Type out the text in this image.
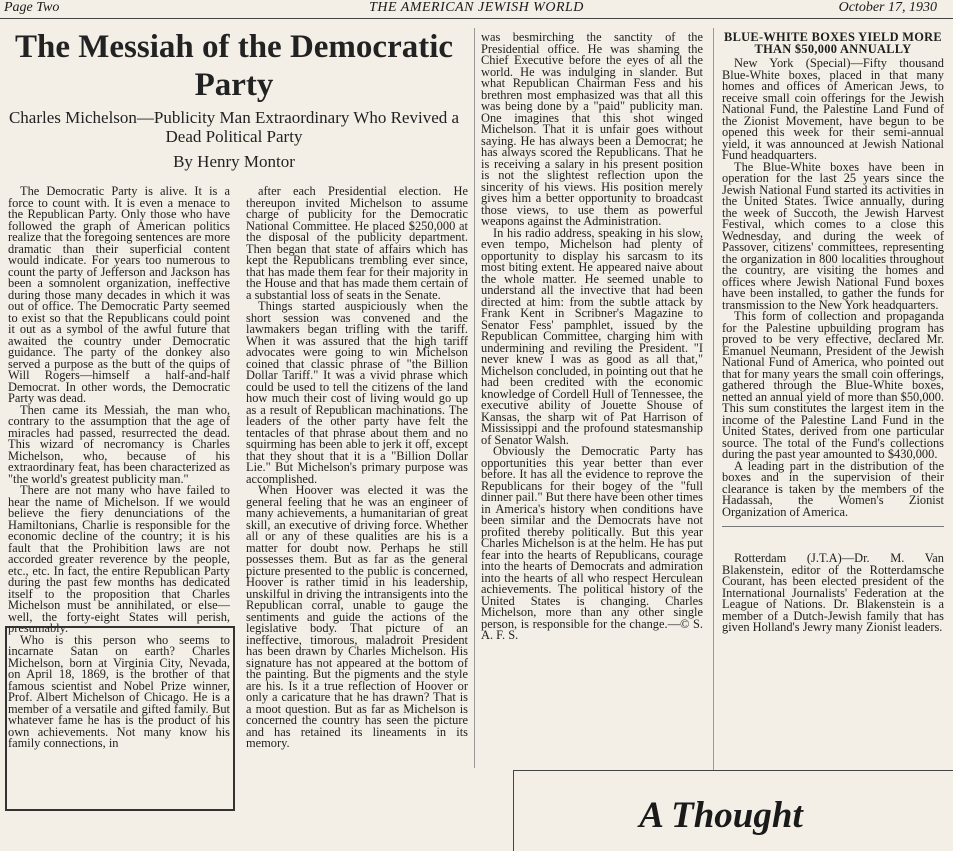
THE AMERICAN JEWISH WORLD
Page Two	October 17, 1930
The Messiah of the Democratic
Party
Charles Michelson—Publicity Man Extraordinary Who Revived a Dead Political Party
By Henry Montor

The Democratic Party is alive. It is a force to count with. It is even a menace to the Republican Party. Only those who have followed the graph of American politics realize that the foregoing sentences are more dramatic than their superficial content would indicate. For years too numerous to count the party of Jefferson and Jackson has been a somnolent organization, ineffective during those many decades in which it was out of office. The Democratic Party seemed to exist so that the Republicans could point it out as a symbol of the awful future that awaited the country under Democratic guidance. The party of the donkey also served a purpose as the butt of the quips of Will Rogers—himself a half-and-half Democrat. In other words, the Democratic Party was dead.

Then came its Messiah, the man who, contrary to the assumption that the age of miracles had passed, resurrected the dead. This wizard of necromancy is Charles Michelson, who, because of his extraordinary feat, has been characterized as "the world's greatest publicity man."

There are not many who have failed to hear the name of Michelson. If we would believe the fiery denunciations of the Hamiltonians, Charlie is responsible for the economic decline of the country; it is his fault that the Prohibition laws are not accorded greater reverence by the people, etc., etc. In fact, the entire Republican Party during the past few months has dedicated itself to the proposition that Charles Michelson must be annihilated, or else—well, the forty-eight States will perish, presumably.

Who is this person who seems to incarnate Satan on earth? Charles Michelson, born at Virginia City, Nevada, on April 18, 1869, is the brother of that famous scientist and Nobel Prize winner, Prof. Albert Michelson of Chicago. He is a member of a versatile and gifted family. But whatever fame he has is the product of his own achievements. Not many know his family connections, in

after each Presidential election. He thereupon invited Michelson to assume charge of publicity for the Democratic National Committee. He placed $250,000 at the disposal of the publicity department. Then began that state of affairs which has kept the Republicans trembling ever since, that has made them fear for their majority in the House and that has made them certain of a substantial loss of seats in the Senate.

Things started auspiciously when the short session was convened and the lawmakers began trifling with the tariff. When it was assured that the high tariff advocates were going to win Michelson coined that classic phrase of "the Billion Dollar Tariff." It was a vivid phrase which could be used to tell the citizens of the land how much their cost of living would go up as a result of Republican machinations. The leaders of the other party have felt the tentacles of that phrase about them and no squirming has been able to jerk it off, except that they shout that it is a "Billion Dollar Lie." But Michelson's primary purpose was accomplished.

When Hoover was elected it was the general feeling that he was an engineer of many achievements, a humanitarian of great skill, an executive of driving force. Whether all or any of these qualities are his is a matter for doubt now. Perhaps he still possesses them. But as far as the general picture presented to the public is concerned, Hoover is rather timid in his leadership, unskilful in driving the intransigents into the Republican corral, unable to gauge the sentiments and guide the actions of the legislative body. That picture of an ineffective, timorous, maladroit President has been drawn by Charles Michelson. His signature has not appeared at the bottom of the painting. But the pigments and the style are his. Is it a true reflection of Hoover or only a caricature that he has drawn? That is a moot question. But as far as Michelson is concerned the country has seen the picture and has retained its lineaments in its memory.

was besmirching the sanctity of the Presidential office. He was shaming the Chief Executive before the eyes of all the world. He was indulging in slander. But what Republican Chairman Fess and his brethren most emphasized was that all this was being done by a "paid" publicity man. One imagines that this shot winged Michelson. That it is unfair goes without saying. He has always been a Democrat; he has always scored the Republicans. That he is receiving a salary in his present position is not the slightest reflection upon the sincerity of his views. His position merely gives him a better opportunity to broadcast those views, to use them as powerful weapons against the Administration.

In his radio address, speaking in his slow, even tempo, Michelson had plenty of opportunity to display his sarcasm to its most biting extent. He appeared naive about the whole matter. He seemed unable to understand all the invective that had been directed at him: from the subtle attack by Frank Kent in Scribner's Magazine to Senator Fess' pamphlet, issued by the Republican Committee, charging him with undermining and reviling the President. "I never knew I was as good as all that," Michelson concluded, in pointing out that he had been credited with the economic knowledge of Cordell Hull of Tennessee, the executive ability of Jouette Shouse of Kansas, the sharp wit of Pat Harrison of Mississippi and the profound statesmanship of Senator Walsh.

Obviously the Democratic Party has opportunities this year better than ever before. It has all the evidence to reprove the Republicans for their bogey of the "full dinner pail." But there have been other times in America's history when conditions have been similar and the Democrats have not profited thereby politically. But this year Charles Michelson is at the helm. He has put fear into the hearts of Republicans, courage into the hearts of Democrats and admiration into the hearts of all who respect Herculean achievements. The political history of the United States is changing. Charles Michelson, more than any other single person, is responsible for the change.—© S. A. F. S.

BLUE-WHITE BOXES YIELD MORE THAN $50,000 ANNUALLY

New York (Special)—Fifty thousand Blue-White boxes, placed in that many homes and offices of American Jews, to receive small coin offerings for the Jewish National Fund, the Palestine Land Fund of the Zionist Movement, have begun to be opened this week for their semi-annual yield, it was announced at Jewish National Fund headquarters.

The Blue-White boxes have been in operation for the last 25 years since the Jewish National Fund started its activities in the United States. Twice annually, during the week of Succoth, the Jewish Harvest Festival, which comes to a close this Wednesday, and during the week of Passover, citizens' committees, representing the organization in 800 localities throughout the country, are visiting the homes and offices where Jewish National Fund boxes have been installed, to gather the funds for transmission to the New York headquarters.

This form of collection and propaganda for the Palestine upbuilding program has proved to be very effective, declared Mr. Emanuel Neumann, President of the Jewish National Fund of America, who pointed out that for many years the small coin offerings, gathered through the Blue-White boxes, netted an annual yield of more than $50,000. This sum constitutes the largest item in the income of the Palestine Land Fund in the United States, derived from one particular source. The total of the Fund's collections during the past year amounted to $430,000.

A leading part in the distribution of the boxes and in the supervision of their clearance is taken by the members of the Hadassah, the Women's Zionist Organization of America.

Rotterdam (J.T.A)—Dr. M. Van Blakenstein, editor of the Rotterdamsche Courant, has been elected president of the International Journalists' Federation at the League of Nations. Dr. Blakenstein is a member of a Dutch-Jewish family that has given Holland's Jewry many Zionist leaders.

A Thought
